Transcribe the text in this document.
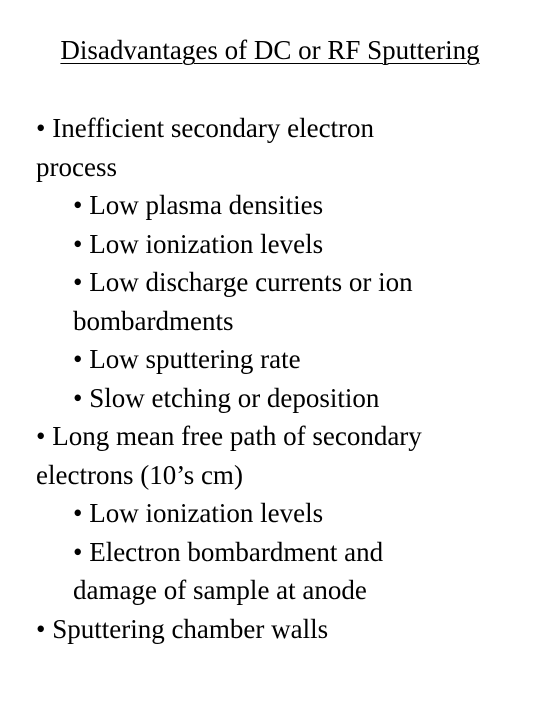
Disadvantages of DC or RF Sputtering
• Inefficient secondary electron
process
• Low plasma densities
• Low ionization levels
• Low discharge currents or ion
bombardments
• Low sputtering rate
• Slow etching or deposition
• Long mean free path of secondary
electrons (10’s cm)
• Low ionization levels
• Electron bombardment and
damage of sample at anode
• Sputtering chamber walls
